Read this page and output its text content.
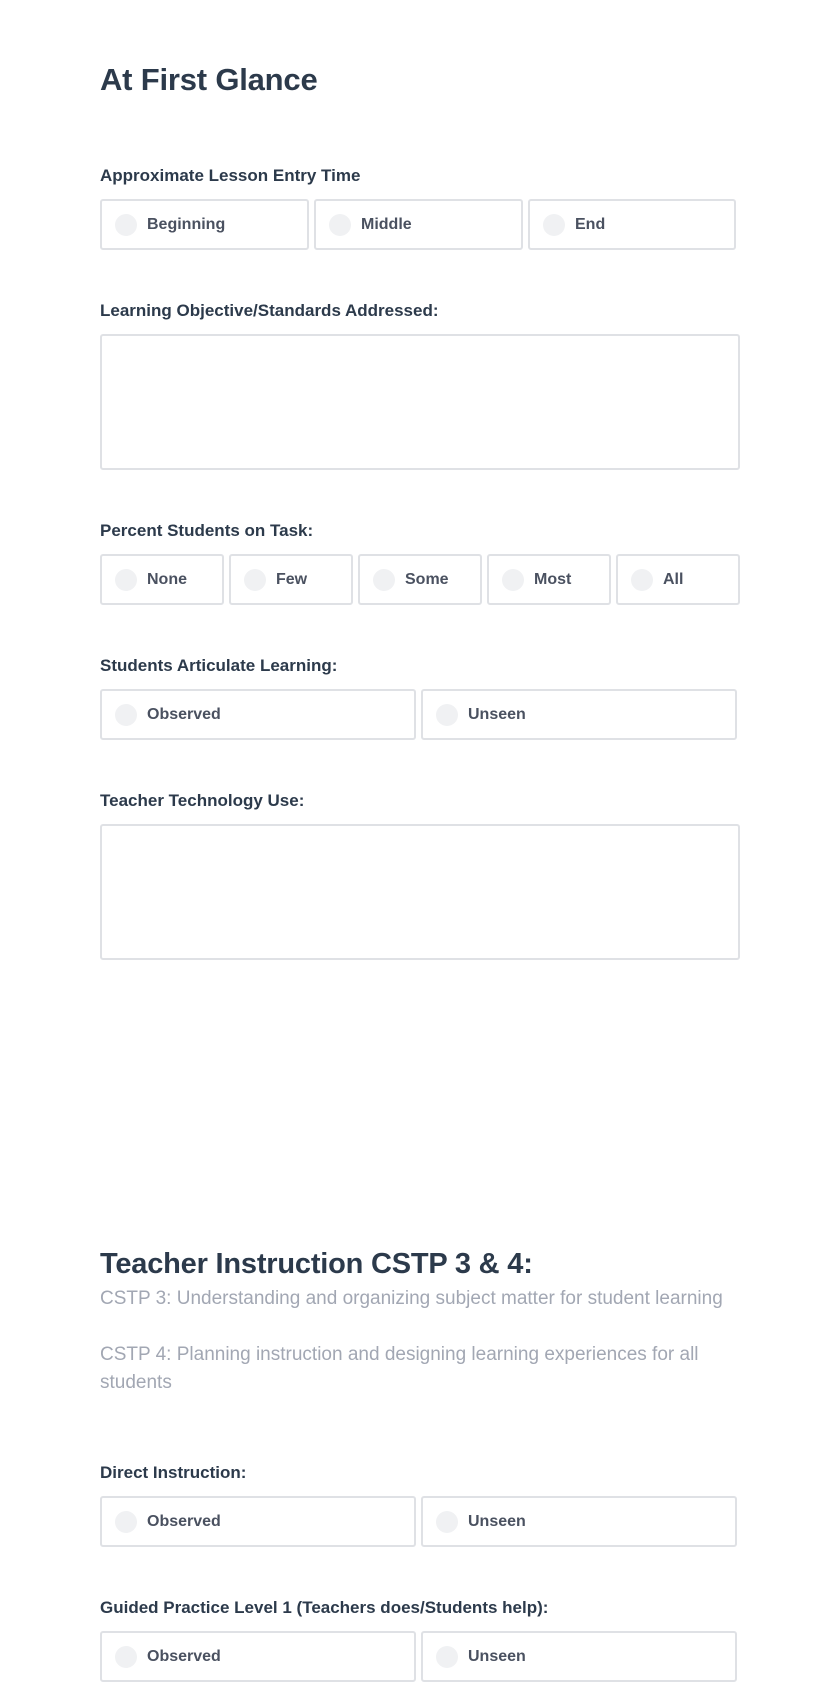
At First Glance
Approximate Lesson Entry Time
Beginning	Middle	End
Learning Objective/Standards Addressed:
Percent Students on Task:
None	Few	Some	Most	All
Students Articulate Learning:
Observed	Unseen
Teacher Technology Use:
Teacher Instruction CSTP 3 & 4:

CSTP 3: Understanding and organizing subject matter for student learning

CSTP 4: Planning instruction and designing learning experiences for all students

Direct Instruction:
Observed	Unseen
Guided Practice Level 1 (Teachers does/Students help):
Observed	Unseen
